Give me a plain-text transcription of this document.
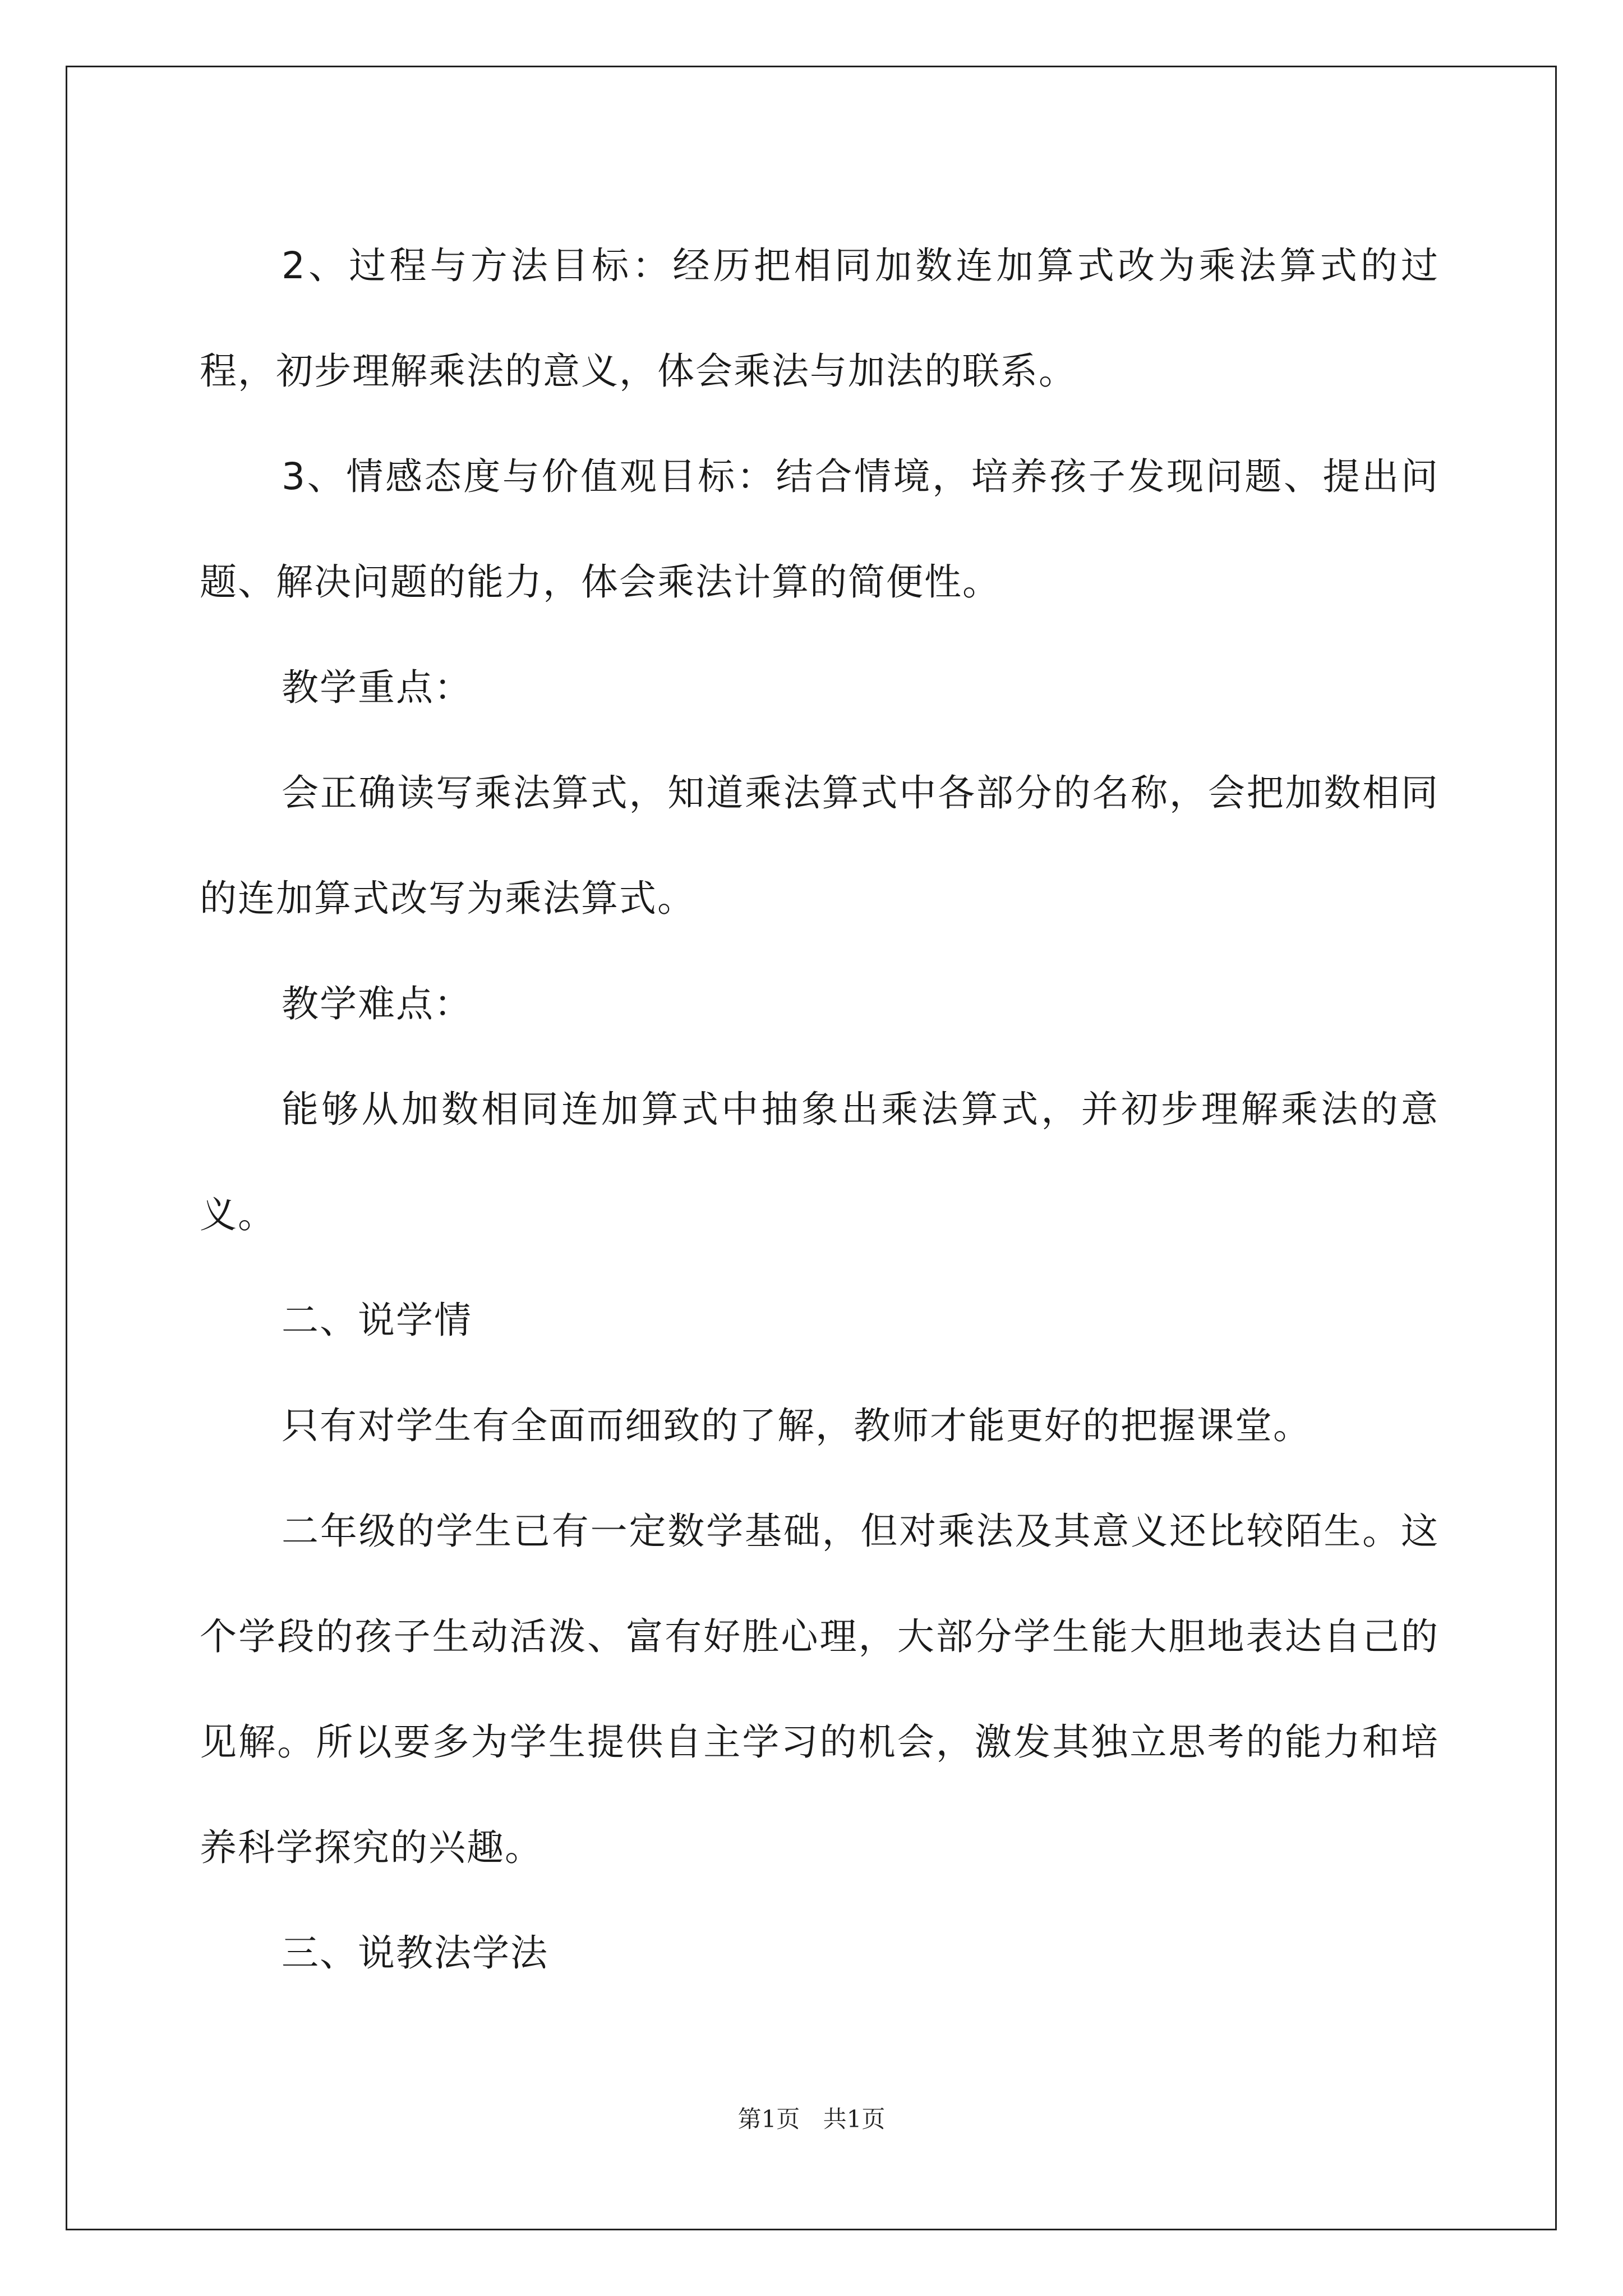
2、过程与方法目标：经历把相同加数连加算式改为乘法算式的过程，初步理解乘法的意义，体会乘法与加法的联系。

3、情感态度与价值观目标：结合情境，培养孩子发现问题、提出问题、解决问题的能力，体会乘法计算的简便性。

教学重点：

会正确读写乘法算式，知道乘法算式中各部分的名称，会把加数相同的连加算式改写为乘法算式。

教学难点：

能够从加数相同连加算式中抽象出乘法算式，并初步理解乘法的意义。

二、说学情

只有对学生有全面而细致的了解，教师才能更好的把握课堂。

二年级的学生已有一定数学基础，但对乘法及其意义还比较陌生。这个学段的孩子生动活泼、富有好胜心理，大部分学生能大胆地表达自己的见解。所以要多为学生提供自主学习的机会，激发其独立思考的能力和培养科学探究的兴趣。

三、说教法学法

第1页 共1页
